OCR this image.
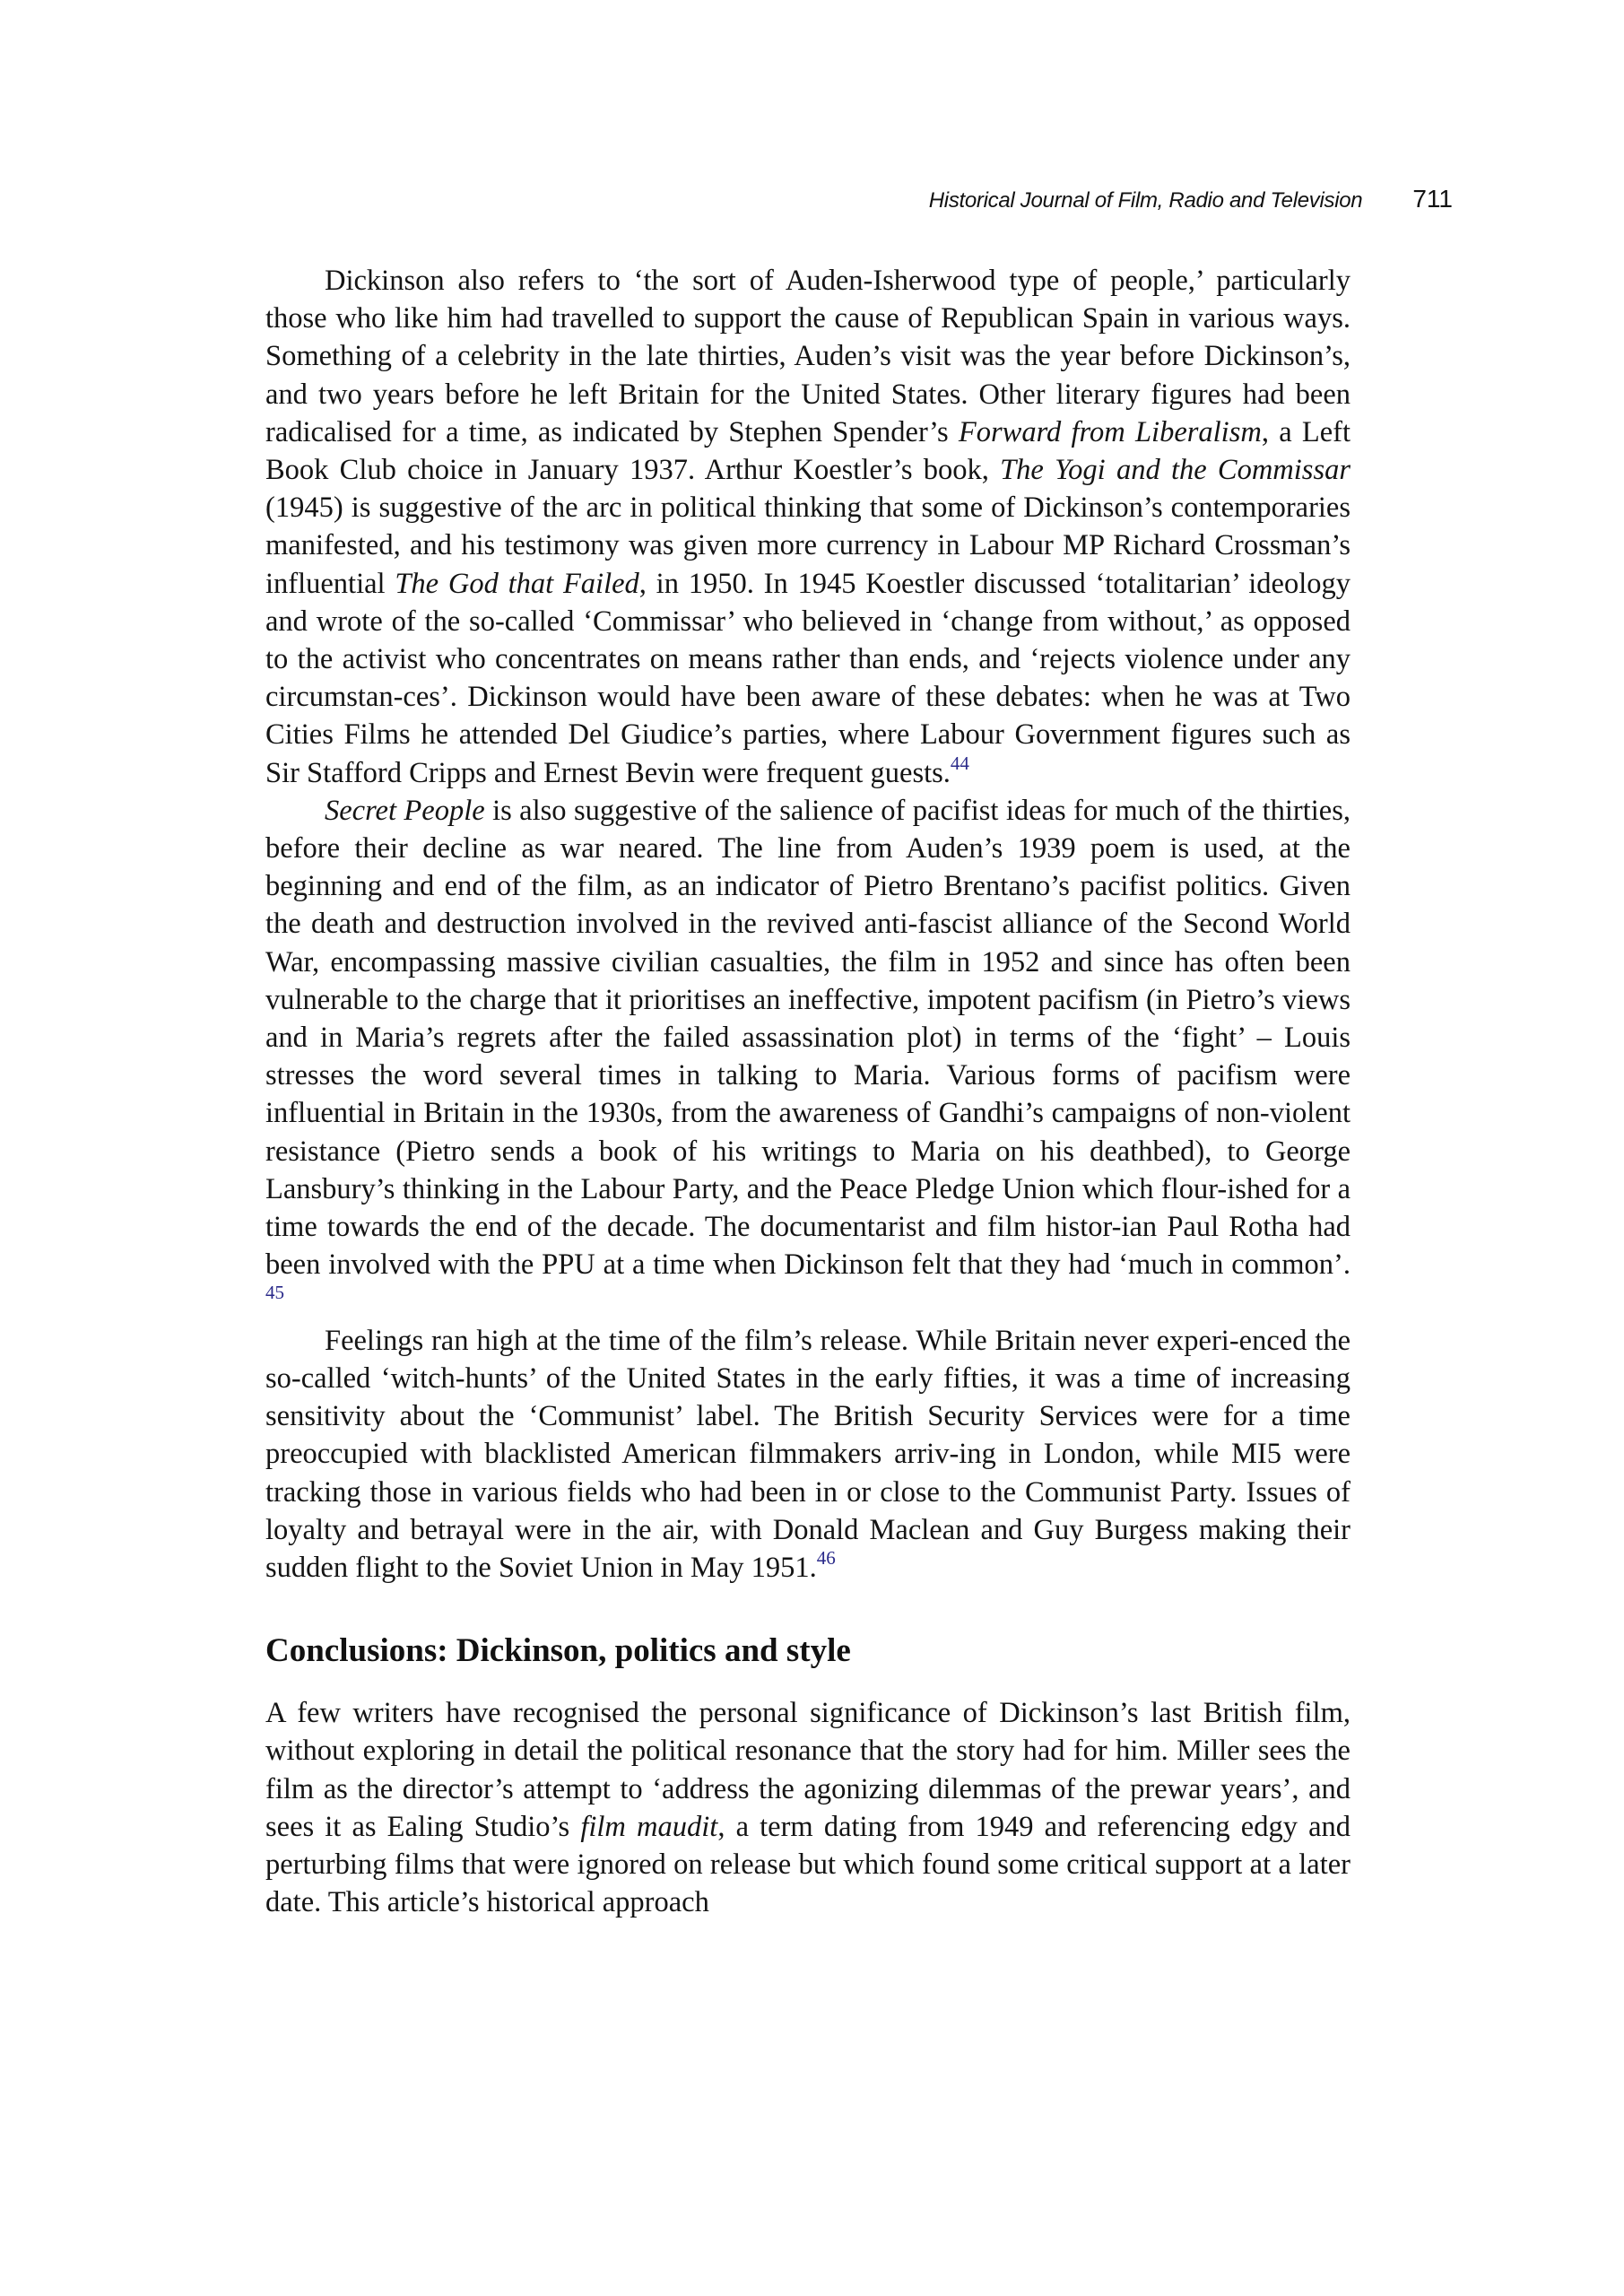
Historical Journal of Film, Radio and Television 711

Dickinson also refers to ‘the sort of Auden-Isherwood type of people,’ particularly those who like him had travelled to support the cause of Republican Spain in various ways. Something of a celebrity in the late thirties, Auden’s visit was the year before Dickinson’s, and two years before he left Britain for the United States. Other literary figures had been radicalised for a time, as indicated by Stephen Spender’s Forward from Liberalism, a Left Book Club choice in January 1937. Arthur Koestler’s book, The Yogi and the Commissar (1945) is suggestive of the arc in political thinking that some of Dickinson’s contemporaries manifested, and his testimony was given more currency in Labour MP Richard Crossman’s influential The God that Failed, in 1950. In 1945 Koestler discussed ‘totalitarian’ ideology and wrote of the so-called ‘Commissar’ who believed in ‘change from without,’ as opposed to the activist who concentrates on means rather than ends, and ‘rejects violence under any circumstan-ces’. Dickinson would have been aware of these debates: when he was at Two Cities Films he attended Del Giudice’s parties, where Labour Government figures such as Sir Stafford Cripps and Ernest Bevin were frequent guests.$^{44}$

Secret People is also suggestive of the salience of pacifist ideas for much of the thirties, before their decline as war neared. The line from Auden’s 1939 poem is used, at the beginning and end of the film, as an indicator of Pietro Brentano’s pacifist politics. Given the death and destruction involved in the revived anti-fascist alliance of the Second World War, encompassing massive civilian casualties, the film in 1952 and since has often been vulnerable to the charge that it prioritises an ineffective, impotent pacifism (in Pietro’s views and in Maria’s regrets after the failed assassination plot) in terms of the ‘fight’ – Louis stresses the word several times in talking to Maria. Various forms of pacifism were influential in Britain in the 1930s, from the awareness of Gandhi’s campaigns of non-violent resistance (Pietro sends a book of his writings to Maria on his deathbed), to George Lansbury’s thinking in the Labour Party, and the Peace Pledge Union which flour-ished for a time towards the end of the decade. The documentarist and film histor-ian Paul Rotha had been involved with the PPU at a time when Dickinson felt that they had ‘much in common’. $^{45}$

Feelings ran high at the time of the film’s release. While Britain never experi-enced the so-called ‘witch-hunts’ of the United States in the early fifties, it was a time of increasing sensitivity about the ‘Communist’ label. The British Security Services were for a time preoccupied with blacklisted American filmmakers arriv-ing in London, while MI5 were tracking those in various fields who had been in or close to the Communist Party. Issues of loyalty and betrayal were in the air, with Donald Maclean and Guy Burgess making their sudden flight to the Soviet Union in May 1951.46

Conclusions: Dickinson, politics and style

A few writers have recognised the personal significance of Dickinson’s last British film, without exploring in detail the political resonance that the story had for him. Miller sees the film as the director’s attempt to ‘address the agonizing dilemmas of the prewar years’, and sees it as Ealing Studio’s film maudit, a term dating from 1949 and referencing edgy and perturbing films that were ignored on release but which found some critical support at a later date. This article’s historical approach
